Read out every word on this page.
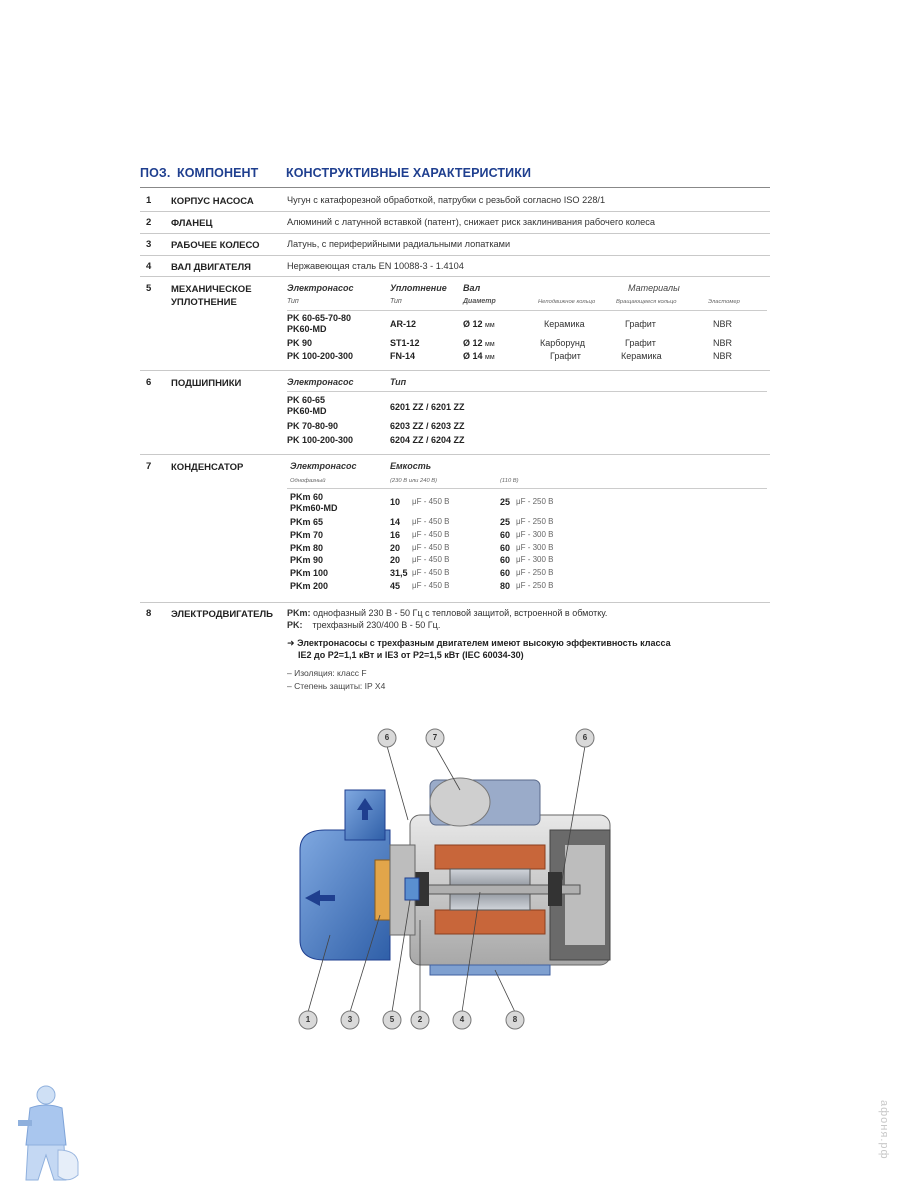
ПОЗ. КОМПОНЕНТ КОНСТРУКТИВНЫЕ ХАРАКТЕРИСТИКИ
1 КОРПУС НАСОСА	Чугун с катафорезной обработкой, патрубки с резьбой согласно ISO 228/1
2 ФЛАНЕЦ	Алюминий с латунной вставкой (патент), снижает риск заклинивания рабочего колеса
3 РАБОЧЕЕ КОЛЕСО	Латунь, с периферийными радиальными лопатками
4 ВАЛ ДВИГАТЕЛЯ	Нержавеющая сталь EN 10088-3 - 1.4104
5 МЕХАНИЧЕСКОЕ
УПЛОТНЕНИЕ
Электронасос	Уплотнение Вал	Материалы
Тип	Тип	Диаметр	Неподвижное кольцо	Вращающееся кольцо	Эластомер
PK 60-65-70-80
PK60-MD	AR-12	Ø 12 мм	Керамика	Графит	NBR
PK 90	ST1-12	Ø 12 мм	Карборунд	Графит	NBR
PK 100-200-300	FN-14	Ø 14 мм	Графит	Керамика	NBR
6 ПОДШИПНИКИ	Электронасос	Тип
PK 60-65
PK60-MD	6201 ZZ / 6201 ZZ
PK 70-80-90	6203 ZZ / 6203 ZZ
PK 100-200-300	6204 ZZ / 6204 ZZ
7 КОНДЕНСАТОР	Электронасос	Емкость
Однофазный	(230 В или 240 В)	(110 В)
PKm 60
PKm60-MD
10 μF - 450 В	25 μF - 250 В
PKm 65	14 μF - 450 В	25 μF - 250 В
PKm 70	16 μF - 450 В	60 μF - 300 В
PKm 80	20 μF - 450 В	60 μF - 300 В
PKm 90	20 μF - 450 В	60 μF - 300 В
PKm 100	31,5 μF - 450 В	60 μF - 250 В
PKm 200	45 μF - 450 В	80 μF - 250 В
8 ЭЛЕКТРОДВИГАТЕЛЬ PKm: однофазный 230 В - 50 Гц с тепловой защитой, встроенной в обмотку.
PK: трехфазный 230/400 В - 50 Гц.
➜ Электронасосы с трехфазным двигателем имеют высокую эффективность класса
IE2 до P2=1,1 кВт и IE3 от P2=1,5 кВт (IEC 60034-30)
– Изоляция: класс F
– Степень защиты: IP X4
6	7	6
1	3	5	2	4	8
афоня.рф
